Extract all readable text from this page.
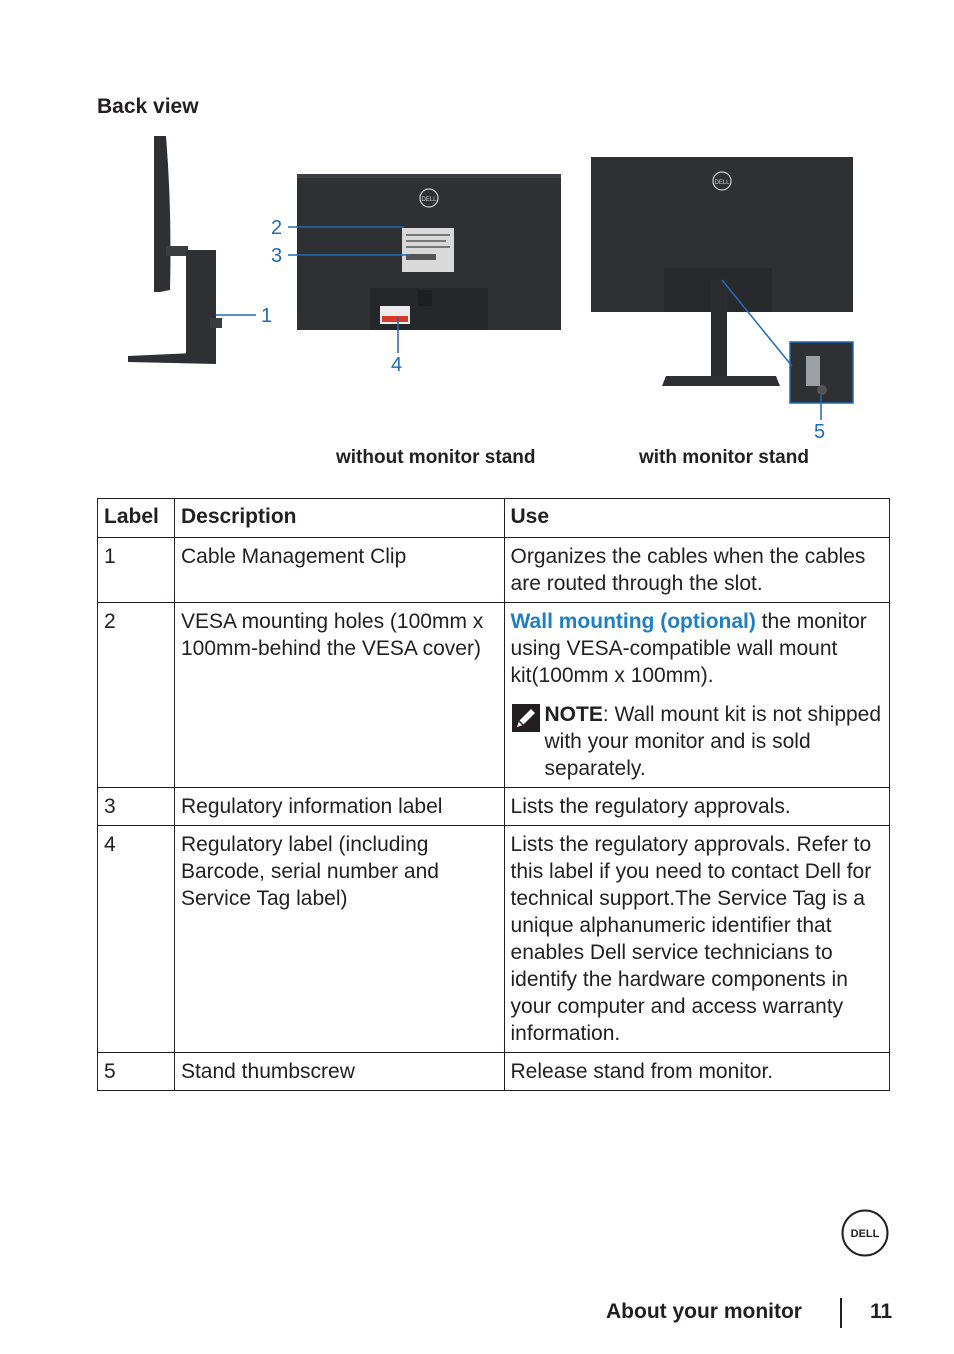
Back view
DELL
DELL
1
2
3
4
5
without monitor stand	with monitor stand
Label	Description	Use
1	Cable Management Clip	Organizes the cables when the cables are routed through the slot.
2	VESA mounting holes (100mm x 100mm-behind the VESA cover)	Wall mounting (optional) the monitor using VESA-compatible wall mount kit(100mm x 100mm).
NOTE: Wall mount kit is not shipped with your monitor and is sold separately.

3	Regulatory information label	Lists the regulatory approvals.
4	Regulatory label (including Barcode, serial number and Service Tag label)	Lists the regulatory approvals. Refer to this label if you need to contact Dell for technical support.The Service Tag is a unique alphanumeric identifier that enables Dell service technicians to identify the hardware components in your computer and access warranty information.
5	Stand thumbscrew	Release stand from monitor.
DELL
About your monitor	11
